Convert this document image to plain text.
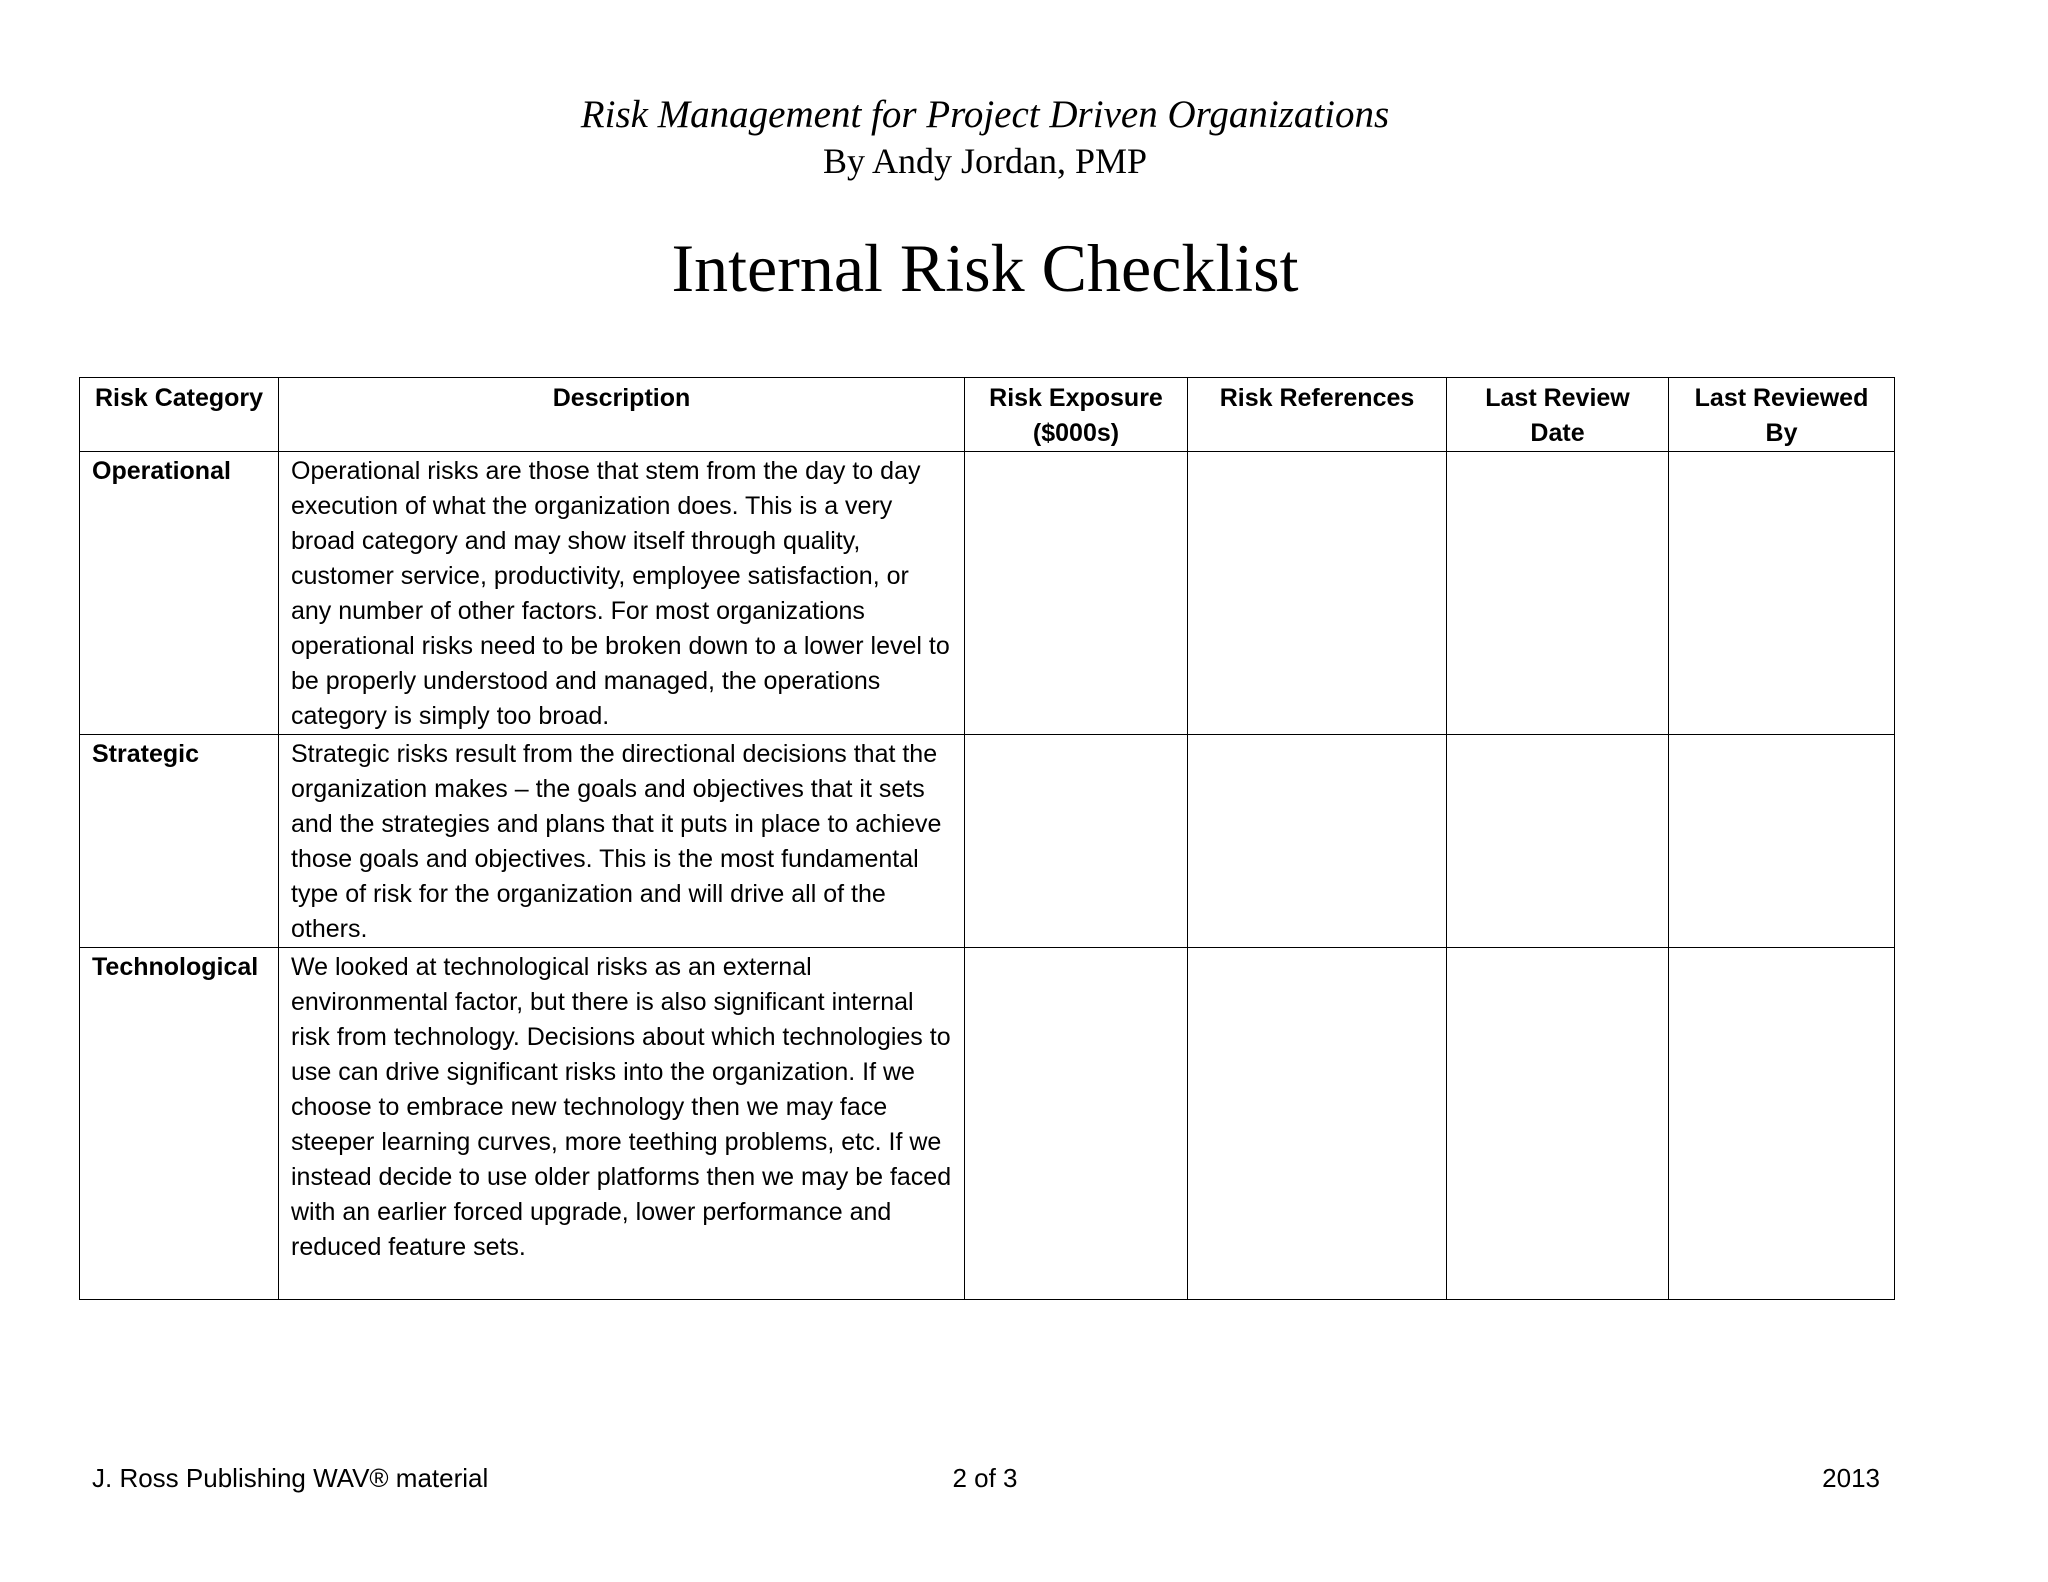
Risk Management for Project Driven Organizations

By Andy Jordan, PMP

Internal Risk Checklist
Risk Category	Description	Risk Exposure ($000s)	Risk References	Last Review Date	Last Reviewed By
Operational	Operational risks are those that stem from the day to day execution of what the organization does. This is a very broad category and may show itself through quality, customer service, productivity, employee satisfaction, or any number of other factors. For most organizations operational risks need to be broken down to a lower level to be properly understood and managed, the operations category is simply too broad.				
Strategic	Strategic risks result from the directional decisions that the organization makes – the goals and objectives that it sets and the strategies and plans that it puts in place to achieve those goals and objectives. This is the most fundamental type of risk for the organization and will drive all of the others.				
Technological	We looked at technological risks as an external environmental factor, but there is also significant internal risk from technology. Decisions about which technologies to use can drive significant risks into the organization. If we choose to embrace new technology then we may face steeper learning curves, more teething problems, etc. If we instead decide to use older platforms then we may be faced with an earlier forced upgrade, lower performance and reduced feature sets.				
J. Ross Publishing WAV® material	2 of 3	2013
